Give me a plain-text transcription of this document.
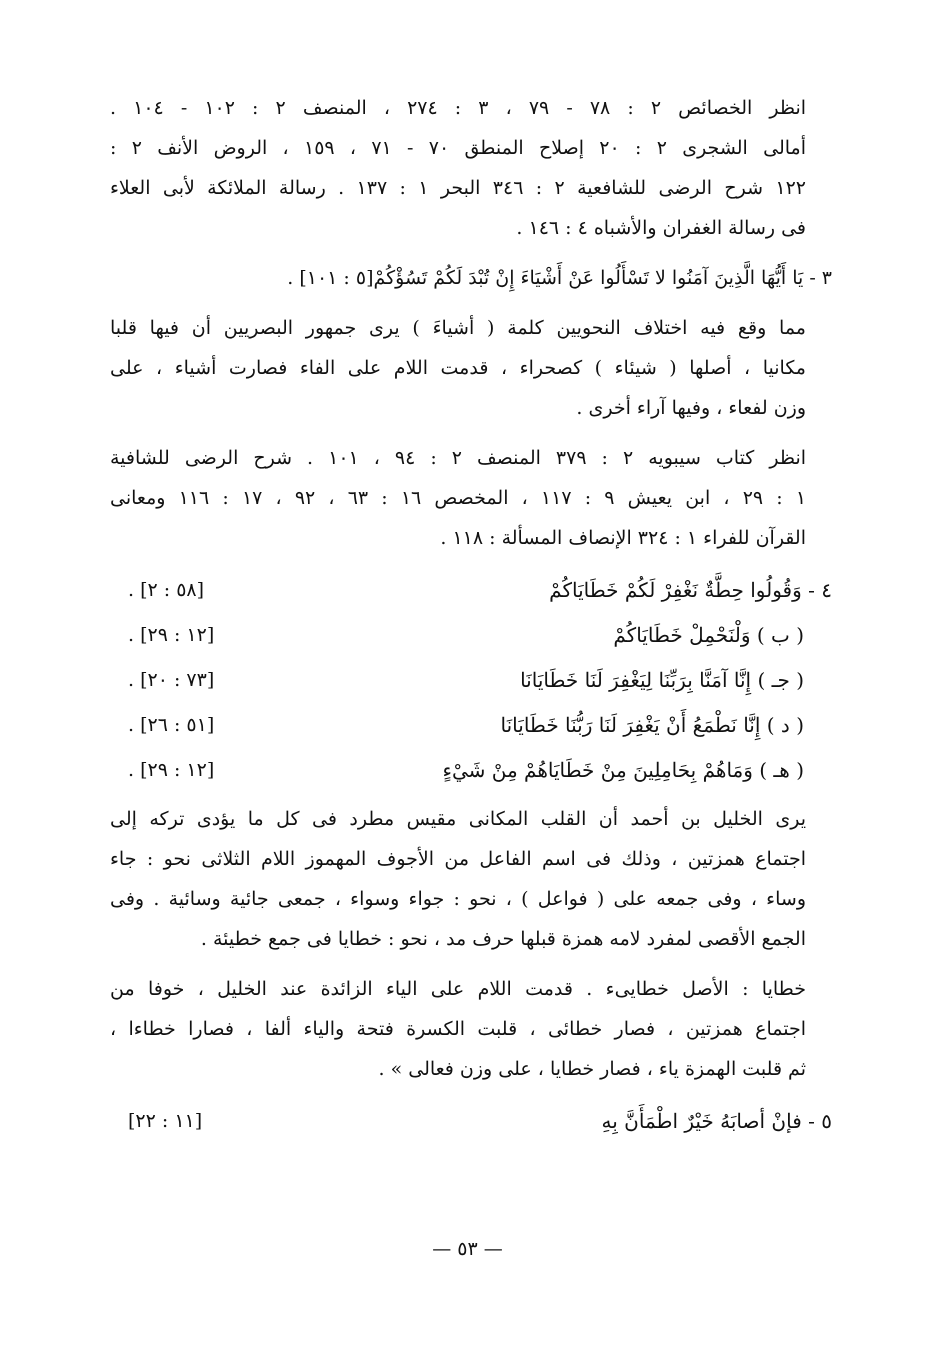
انظر الخصائص ٢ : ٧٨ - ٧٩ ، ٣ : ٢٧٤ ، المنصف ٢ : ١٠٢ - ١٠٤ .
أمالى الشجرى ٢ : ٢٠ إصلاح المنطق ٧٠ - ٧١ ، ١٥٩ ، الروض الأنف ٢ :
١٢٢ شرح الرضى للشافعية ٢ : ٣٤٦ البحر ١ : ١٣٧ . رسالة الملائكة لأبى العلاء
فى رسالة الغفران والأشباه ٤ : ١٤٦ .
٣ - يَا أَيُّهَا الَّذِينَ آمَنُوا لا تَسْأَلُوا عَنْ أَشْيَاءَ إِنْ تُبْدَ لَكُمْ تَسُؤْكُمْ[٥ : ١٠١] .
مما وقع فيه اختلاف النحويين كلمة ( أشياءَ ) يرى جمهور البصريين أن فيها قلبا
مكانيا ، أصلها ( شيئاء ) كصحراء ، قدمت اللام على الفاء فصارت أشياء ، على
وزن لفعاء ، وفيها آراء أخرى .
انظر كتاب سيبويه ٢ : ٣٧٩ المنصف ٢ : ٩٤ ، ١٠١ . شرح الرضى للشافية
١ : ٢٩ ، ابن يعيش ٩ : ١١٧ ، المخصص ١٦ : ٦٣ ، ٩٢ ، ١٧ : ١١٦ ومعانى
القرآن للفراء ١ : ٣٢٤ الإنصاف المسألة : ١١٨ .
٤ - وَقُولُوا حِطَّةٌ نَغْفِرْ لَكُمْ خَطَايَاكُمْ
. [٥٨ : ٢]
( ب ) وَلْنَحْمِلْ خَطَايَاكُمْ
. [١٢ : ٢٩]
( جـ ) إِنَّا آمَنَّا بِرَبِّنَا لِيَغْفِرَ لَنَا خَطَايَانَا
. [٧٣ : ٢٠]
( د ) إِنَّا نَطْمَعُ أَنْ يَغْفِرَ لَنَا رَبُّنَا خَطَايَانَا
. [٥١ : ٢٦]
( هـ ) وَمَاهُمْ بِحَامِلِينَ مِنْ خَطَايَاهُمْ مِنْ شَيْءٍ
. [١٢ : ٢٩]
يرى الخليل بن أحمد أن القلب المكانى مقيس مطرد فى كل ما يؤدى تركه إلى
اجتماع همزتين ، وذلك فى اسم الفاعل من الأجوف المهموز اللام الثلاثى نحو : جاء
وساء ، وفى جمعه على ( فواعل ) ، نحو : جواء وسواء ، جمعى جائية وسائية . وفى
الجمع الأقصى لمفرد لامه همزة قبلها حرف مد ، نحو : خطايا فى جمع خطيئة .
خطايا : الأصل خطايىء . قدمت اللام على الياء الزائدة عند الخليل ، خوفا من
اجتماع همزتين ، فصار خطائى ، قلبت الكسرة فتحة والياء ألفا ، فصارا خطاءا ،
ثم قلبت الهمزة ياء ، فصار خطايا ، على وزن فعالى » .
٥ - فإنْ أصابَهُ خَيْرٌ اطْمَأَنَّ بِهِ
[١١ : ٢٢]
— ٥٣ —
